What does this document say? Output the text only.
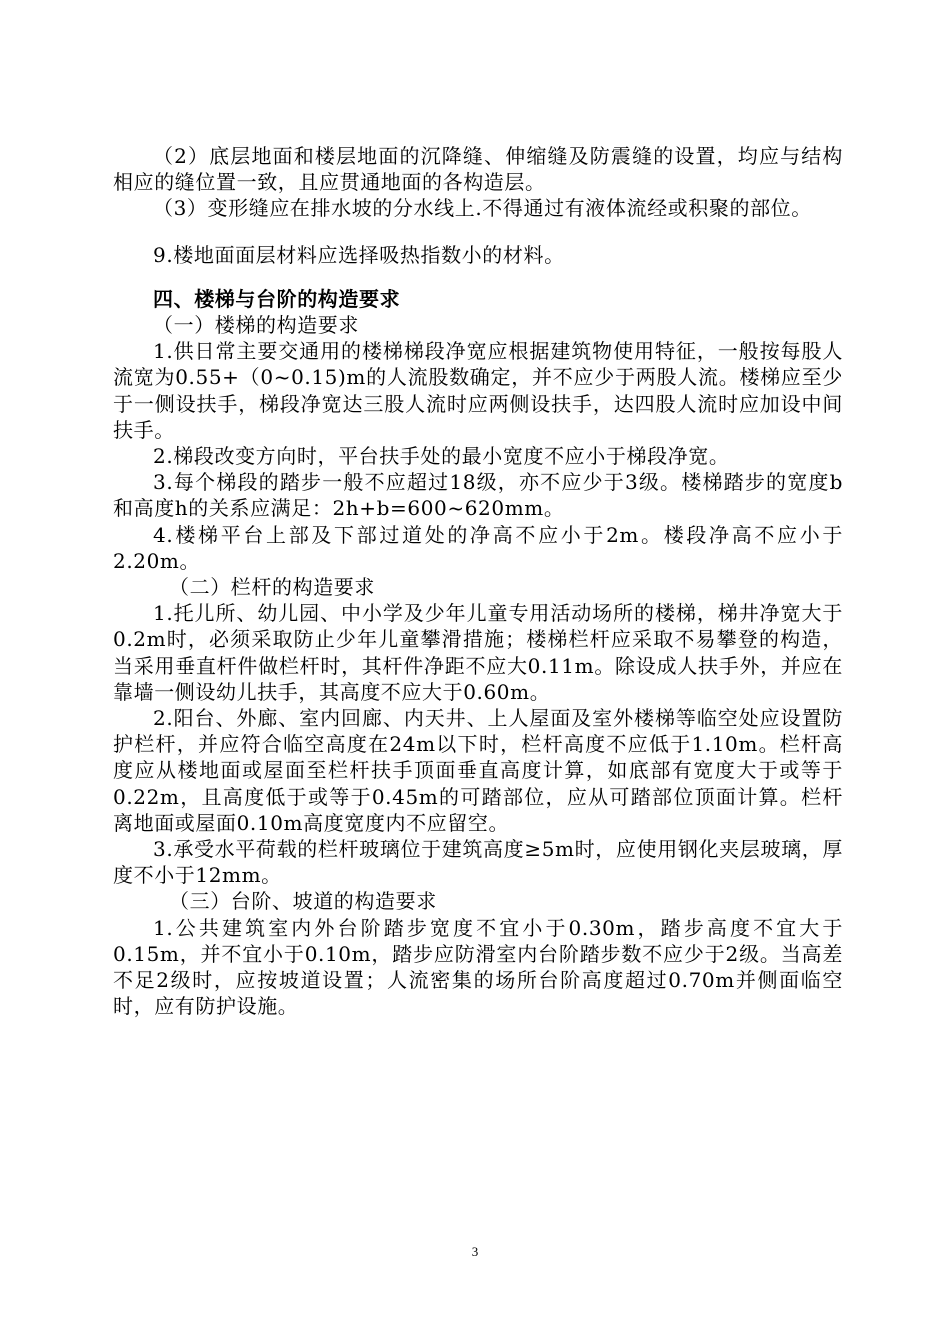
（2）底层地面和楼层地面的沉降缝、伸缩缝及防震缝的设置，均应与结构相应的缝位置一致，且应贯通地面的各构造层。

（3）变形缝应在排水坡的分水线上.不得通过有液体流经或积聚的部位。

9.楼地面面层材料应选择吸热指数小的材料。

四、楼梯与台阶的构造要求

（一）楼梯的构造要求

1.供日常主要交通用的楼梯梯段净宽应根据建筑物使用特征，一般按每股人流宽为0.55+（0~0.15)m的人流股数确定，并不应少于两股人流。楼梯应至少于一侧设扶手，梯段净宽达三股人流时应两侧设扶手，达四股人流时应加设中间扶手。

2.梯段改变方向时，平台扶手处的最小宽度不应小于梯段净宽。

3.每个梯段的踏步一般不应超过18级，亦不应少于3级。楼梯踏步的宽度b和高度h的关系应满足：2h+b=600~620mm。

4.楼梯平台上部及下部过道处的净高不应小于2m。楼段净高不应小于2.20m。

（二）栏杆的构造要求

1.托儿所、幼儿园、中小学及少年儿童专用活动场所的楼梯，梯井净宽大于0.2m时，必须采取防止少年儿童攀滑措施；楼梯栏杆应采取不易攀登的构造，当采用垂直杆件做栏杆时，其杆件净距不应大0.11m。除设成人扶手外，并应在靠墙一侧设幼儿扶手，其高度不应大于0.60m。

2.阳台、外廊、室内回廊、内天井、上人屋面及室外楼梯等临空处应设置防护栏杆，并应符合临空高度在24m以下时，栏杆高度不应低于1.10m。栏杆高度应从楼地面或屋面至栏杆扶手顶面垂直高度计算，如底部有宽度大于或等于0.22m，且高度低于或等于0.45m的可踏部位，应从可踏部位顶面计算。栏杆离地面或屋面0.10m高度宽度内不应留空。

3.承受水平荷载的栏杆玻璃位于建筑高度≥5m时，应使用钢化夹层玻璃，厚度不小于12mm。

（三）台阶、坡道的构造要求

1.公共建筑室内外台阶踏步宽度不宜小于0.30m，踏步高度不宜大于0.15m，并不宜小于0.10m，踏步应防滑室内台阶踏步数不应少于2级。当高差不足2级时，应按坡道设置；人流密集的场所台阶高度超过0.70m并侧面临空时，应有防护设施。

3
